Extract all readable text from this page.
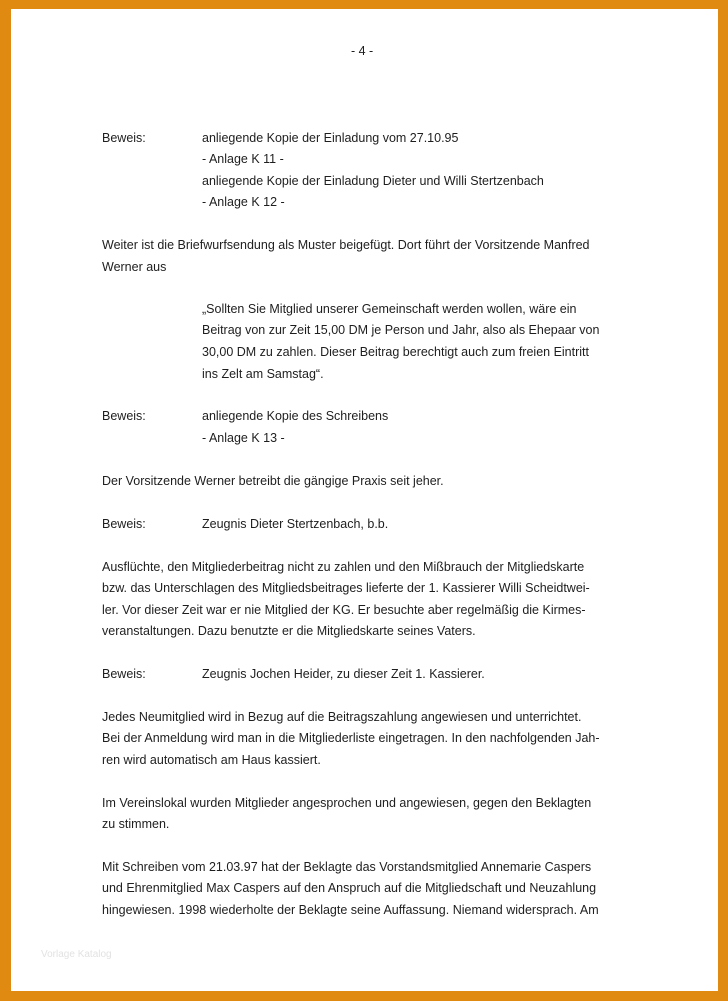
- 4 -
Beweis:	anliegende Kopie der Einladung vom 27.10.95
- Anlage K 11 -
anliegende Kopie der Einladung Dieter und Willi Stertzenbach
- Anlage K 12 -
Weiter ist die Briefwurfsendung als Muster beigefügt. Dort führt der Vorsitzende Manfred
Werner aus
„Sollten Sie Mitglied unserer Gemeinschaft werden wollen, wäre ein
Beitrag von zur Zeit 15,00 DM je Person und Jahr, also als Ehepaar von
30,00 DM zu zahlen. Dieser Beitrag berechtigt auch zum freien Eintritt
ins Zelt am Samstag“.
Beweis:	anliegende Kopie des Schreibens
- Anlage K 13 -
Der Vorsitzende Werner betreibt die gängige Praxis seit jeher.
Beweis:	Zeugnis Dieter Stertzenbach, b.b.
Ausflüchte, den Mitgliederbeitrag nicht zu zahlen und den Mißbrauch der Mitgliedskarte
bzw. das Unterschlagen des Mitgliedsbeitrages lieferte der 1. Kassierer Willi Scheidtwei-
ler. Vor dieser Zeit war er nie Mitglied der KG. Er besuchte aber regelmäßig die Kirmes-
veranstaltungen. Dazu benutzte er die Mitgliedskarte seines Vaters.
Beweis:	Zeugnis Jochen Heider, zu dieser Zeit 1. Kassierer.
Jedes Neumitglied wird in Bezug auf die Beitragszahlung angewiesen und unterrichtet.
Bei der Anmeldung wird man in die Mitgliederliste eingetragen. In den nachfolgenden Jah-
ren wird automatisch am Haus kassiert.
Im Vereinslokal wurden Mitglieder angesprochen und angewiesen, gegen den Beklagten
zu stimmen.
Mit Schreiben vom 21.03.97 hat der Beklagte das Vorstandsmitglied Annemarie Caspers
und Ehrenmitglied Max Caspers auf den Anspruch auf die Mitgliedschaft und Neuzahlung
hingewiesen. 1998 wiederholte der Beklagte seine Auffassung. Niemand widersprach. Am
Vorlage Katalog
